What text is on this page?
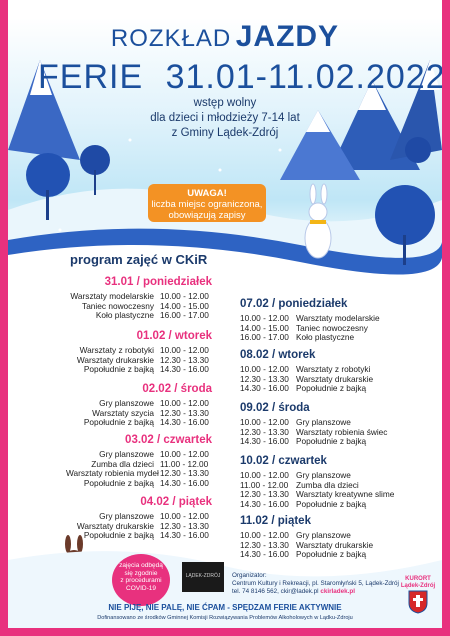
ROZKŁAD JAZDY
FERIE 31.01-11.02.2022
wstęp wolny
dla dzieci i młodzieży 7-14 lat
z Gminy Lądek-Zdrój
UWAGA!
liczba miejsc ograniczona,
obowiązują zapisy
program zajęć w CKiR
31.01 / poniedziałek
Warsztaty modelarskie 10.00 - 12.00
Taniec nowoczesny 14.00 - 15.00
Koło plastyczne 16.00 - 17.00
01.02 / wtorek
Warsztaty z robotyki 10.00 - 12.00
Warsztaty drukarskie 12.30 - 13.30
Popołudnie z bajką 14.30 - 16.00
02.02 / środa
Gry planszowe 10.00 - 12.00
Warsztaty szycia 12.30 - 13.30
Popołudnie z bajką 14.30 - 16.00
03.02 / czwartek
Gry planszowe 10.00 - 12.00
Zumba dla dzieci 11.00 - 12.00
Warsztaty robienia mydeł12.30 - 13.30
Popołudnie z bajką 14.30 - 16.00
04.02 / piątek
Gry planszowe 10.00 - 12.00
Warsztaty drukarskie 12.30 - 13.30
Popołudnie z bajką 14.30 - 16.00
07.02 / poniedziałek
10.00 - 12.00 Warsztaty modelarskie
14.00 - 15.00 Taniec nowoczesny
16.00 - 17.00 Koło plastyczne
08.02 / wtorek
10.00 - 12.00 Warsztaty z robotyki
12.30 - 13.30 Warsztaty drukarskie
14.30 - 16.00 Popołudnie z bajką
09.02 / środa
10.00 - 12.00 Gry planszowe
12.30 - 13.30 Warsztaty robienia świec
14.30 - 16.00 Popołudnie z bajką
10.02 / czwartek
10.00 - 12.00 Gry planszowe
11.00 - 12.00 Zumba dla dzieci
12.30 - 13.30 Warsztaty kreatywne slime
14.30 - 16.00 Popołudnie z bajką
11.02 / piątek
10.00 - 12.00 Gry planszowe
12.30 - 13.30 Warsztaty drukarskie
14.30 - 16.00 Popołudnie z bajką
zajęcia odbędą
się zgodnie
z procedurami
COVID-19
LĄDEK-ZDRÓJ	Organizator:
Centrum Kultury i Rekreacji, pl. Staromłyński 5, Lądek-Zdrój
tel. 74 8146 562, ckir@ladek.pl ckirladek.pl
KURORT
Lądek-Zdrój
NIE PIJĘ, NIE PALĘ, NIE ĆPAM - SPĘDZAM FERIE AKTYWNIE
Dofinansowano ze środków Gminnej Komisji Rozwiązywania Problemów Alkoholowych w Lądku-Zdroju
